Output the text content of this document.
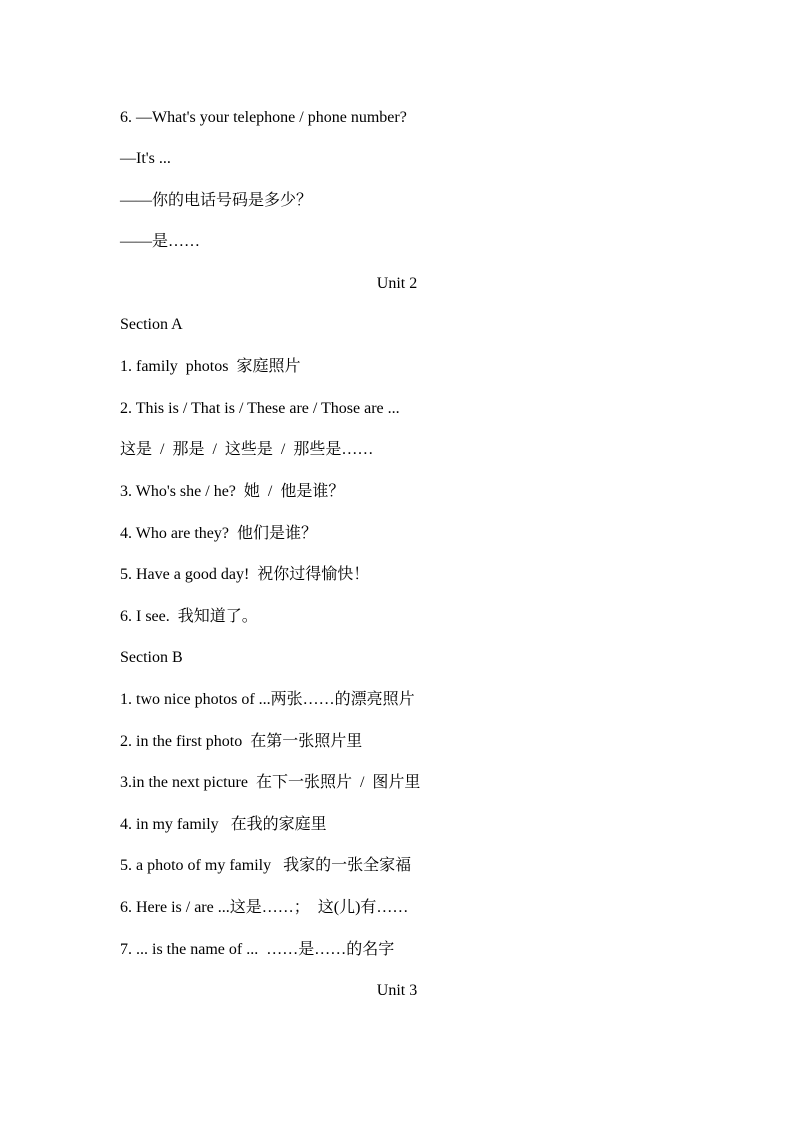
6. —What's your telephone / phone number?
—It's ...
——你的电话号码是多少？
——是……
Unit 2
Section A
1. family  photos  家庭照片
2. This is / That is / These are / Those are ...
这是  /  那是  /  这些是  /  那些是……
3. Who's she / he?  她  /  他是谁？
4. Who are they?  他们是谁？
5. Have a good day!  祝你过得愉快！
6. I see.  我知道了。
Section B
1. two nice photos of ...两张……的漂亮照片
2. in the first photo  在第一张照片里
3.in the next picture  在下一张照片  /  图片里
4. in my family   在我的家庭里
5. a photo of my family   我家的一张全家福
6. Here is / are ...这是……；  这(儿)有……
7. ... is the name of ...  ……是……的名字
Unit 3
